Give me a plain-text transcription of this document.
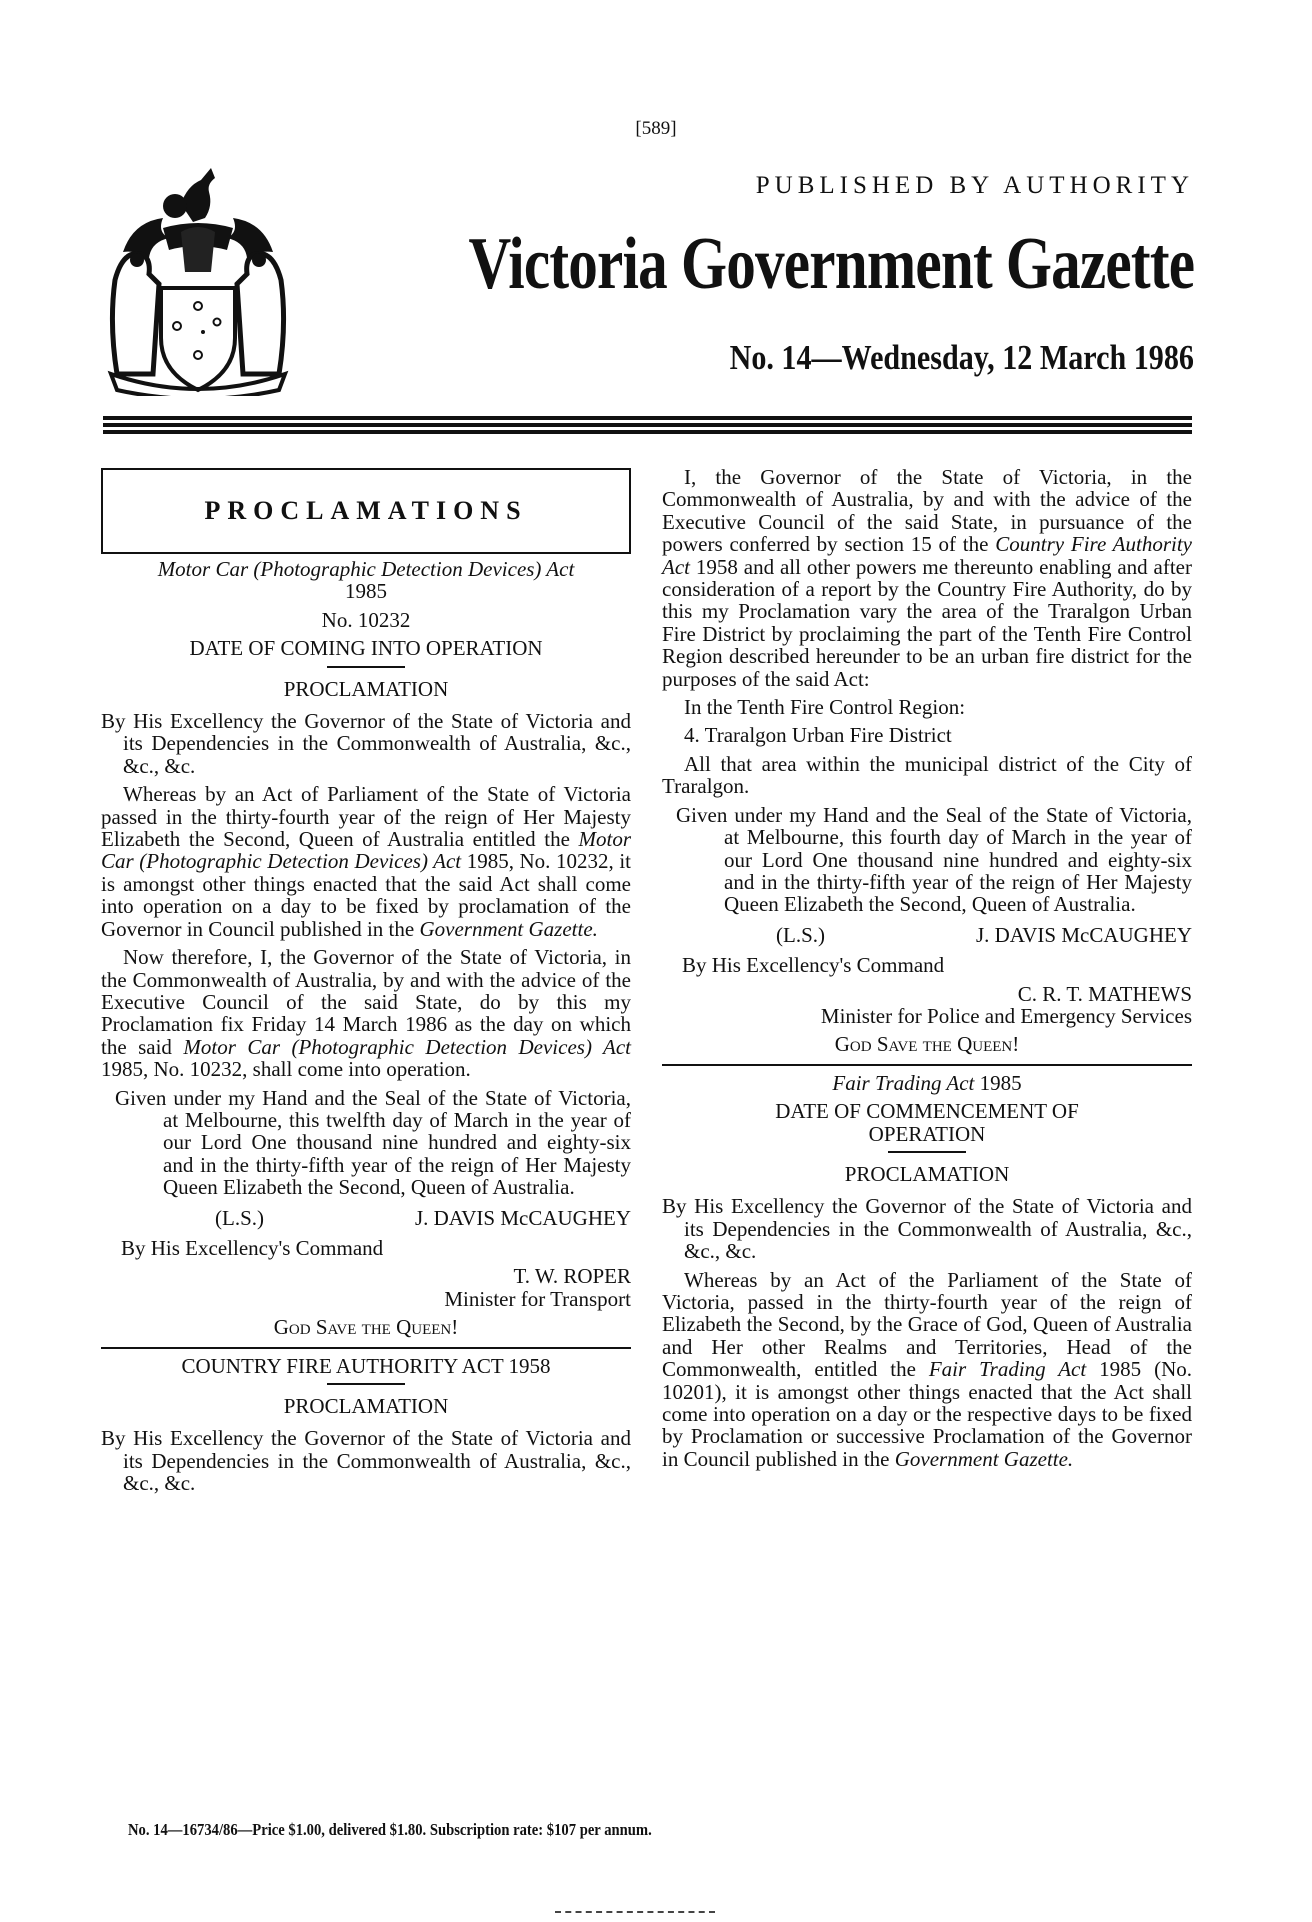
[589]
PUBLISHED BY AUTHORITY
Victoria Government Gazette
No. 14—Wednesday, 12 March 1986
PROCLAMATIONS
Motor Car (Photographic Detection Devices) Act
1985
No. 10232
DATE OF COMING INTO OPERATION
PROCLAMATION
By His Excellency the Governor of the State of Victoria and its Dependencies in the Commonwealth of Australia, &c., &c., &c.
Whereas by an Act of Parliament of the State of Victoria passed in the thirty-fourth year of the reign of Her Majesty Elizabeth the Second, Queen of Australia entitled the Motor Car (Photographic Detection Devices) Act 1985, No. 10232, it is amongst other things enacted that the said Act shall come into operation on a day to be fixed by proclamation of the Governor in Council published in the Government Gazette.
Now therefore, I, the Governor of the State of Victoria, in the Commonwealth of Australia, by and with the advice of the Executive Council of the said State, do by this my Proclamation fix Friday 14 March 1986 as the day on which the said Motor Car (Photographic Detection Devices) Act 1985, No. 10232, shall come into operation.
Given under my Hand and the Seal of the State of Victoria, at Melbourne, this twelfth day of March in the year of our Lord One thousand nine hundred and eighty-six and in the thirty-fifth year of the reign of Her Majesty Queen Elizabeth the Second, Queen of Australia.
(L.S.)	J. DAVIS McCAUGHEY
By His Excellency's Command
T. W. ROPER
Minister for Transport
God Save the Queen!
COUNTRY FIRE AUTHORITY ACT 1958
PROCLAMATION
By His Excellency the Governor of the State of Victoria and its Dependencies in the Commonwealth of Australia, &c., &c., &c.
I, the Governor of the State of Victoria, in the Commonwealth of Australia, by and with the advice of the Executive Council of the said State, in pursuance of the powers conferred by section 15 of the Country Fire Authority Act 1958 and all other powers me thereunto enabling and after consideration of a report by the Country Fire Authority, do by this my Proclamation vary the area of the Traralgon Urban Fire District by proclaiming the part of the Tenth Fire Control Region described hereunder to be an urban fire district for the purposes of the said Act:
In the Tenth Fire Control Region:
4. Traralgon Urban Fire District
All that area within the municipal district of the City of Traralgon.
Given under my Hand and the Seal of the State of Victoria, at Melbourne, this fourth day of March in the year of our Lord One thousand nine hundred and eighty-six and in the thirty-fifth year of the reign of Her Majesty Queen Elizabeth the Second, Queen of Australia.
(L.S.)	J. DAVIS McCAUGHEY
By His Excellency's Command
C. R. T. MATHEWS
Minister for Police and Emergency Services
God Save the Queen!
Fair Trading Act 1985
DATE OF COMMENCEMENT OF OPERATION
PROCLAMATION
By His Excellency the Governor of the State of Victoria and its Dependencies in the Commonwealth of Australia, &c., &c., &c.
Whereas by an Act of the Parliament of the State of Victoria, passed in the thirty-fourth year of the reign of Elizabeth the Second, by the Grace of God, Queen of Australia and Her other Realms and Territories, Head of the Commonwealth, entitled the Fair Trading Act 1985 (No. 10201), it is amongst other things enacted that the Act shall come into operation on a day or the respective days to be fixed by Proclamation or successive Proclamation of the Governor in Council published in the Government Gazette.
No. 14—16734/86—Price $1.00, delivered $1.80. Subscription rate: $107 per annum.
